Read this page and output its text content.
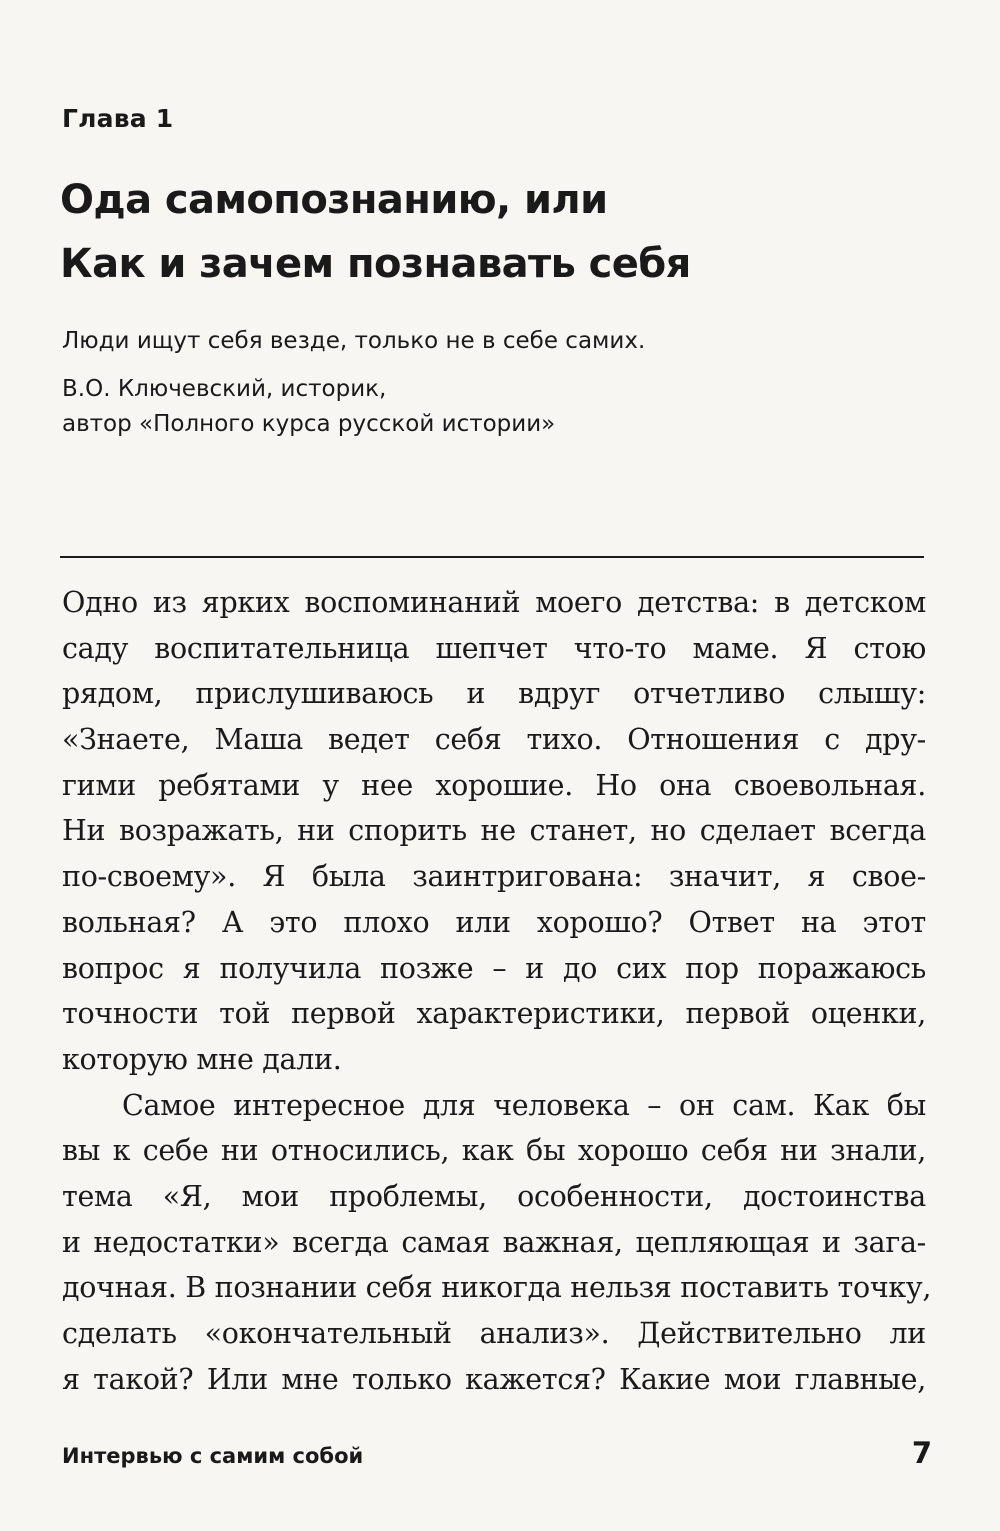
Глава 1
Ода самопознанию, или
Как и зачем познавать себя

Люди ищут себя везде, только не в себе самих.

В.О. Ключевский, историк,

автор «Полного курса русской истории»

Одно из ярких воспоминаний моего детства: в детском
саду воспитательница шепчет что-то маме. Я стою
рядом, прислушиваюсь и вдруг отчетливо слышу:
«Знаете, Маша ведет себя тихо. Отношения с дру-
гими ребятами у нее хорошие. Но она своевольная.
Ни возражать, ни спорить не станет, но сделает всегда
по-своему». Я была заинтригована: значит, я свое-
вольная? А это плохо или хорошо? Ответ на этот
вопрос я получила позже – и до сих пор поражаюсь
точности той первой характеристики, первой оценки,
которую мне дали.
Самое интересное для человека – он сам. Как бы
вы к себе ни относились, как бы хорошо себя ни знали,
тема «Я, мои проблемы, особенности, достоинства
и недостатки» всегда самая важная, цепляющая и зага-
дочная. В познании себя никогда нельзя поставить точку,
сделать «окончательный анализ». Действительно ли
я такой? Или мне только кажется? Какие мои главные,
Интервью с самим собой	7
